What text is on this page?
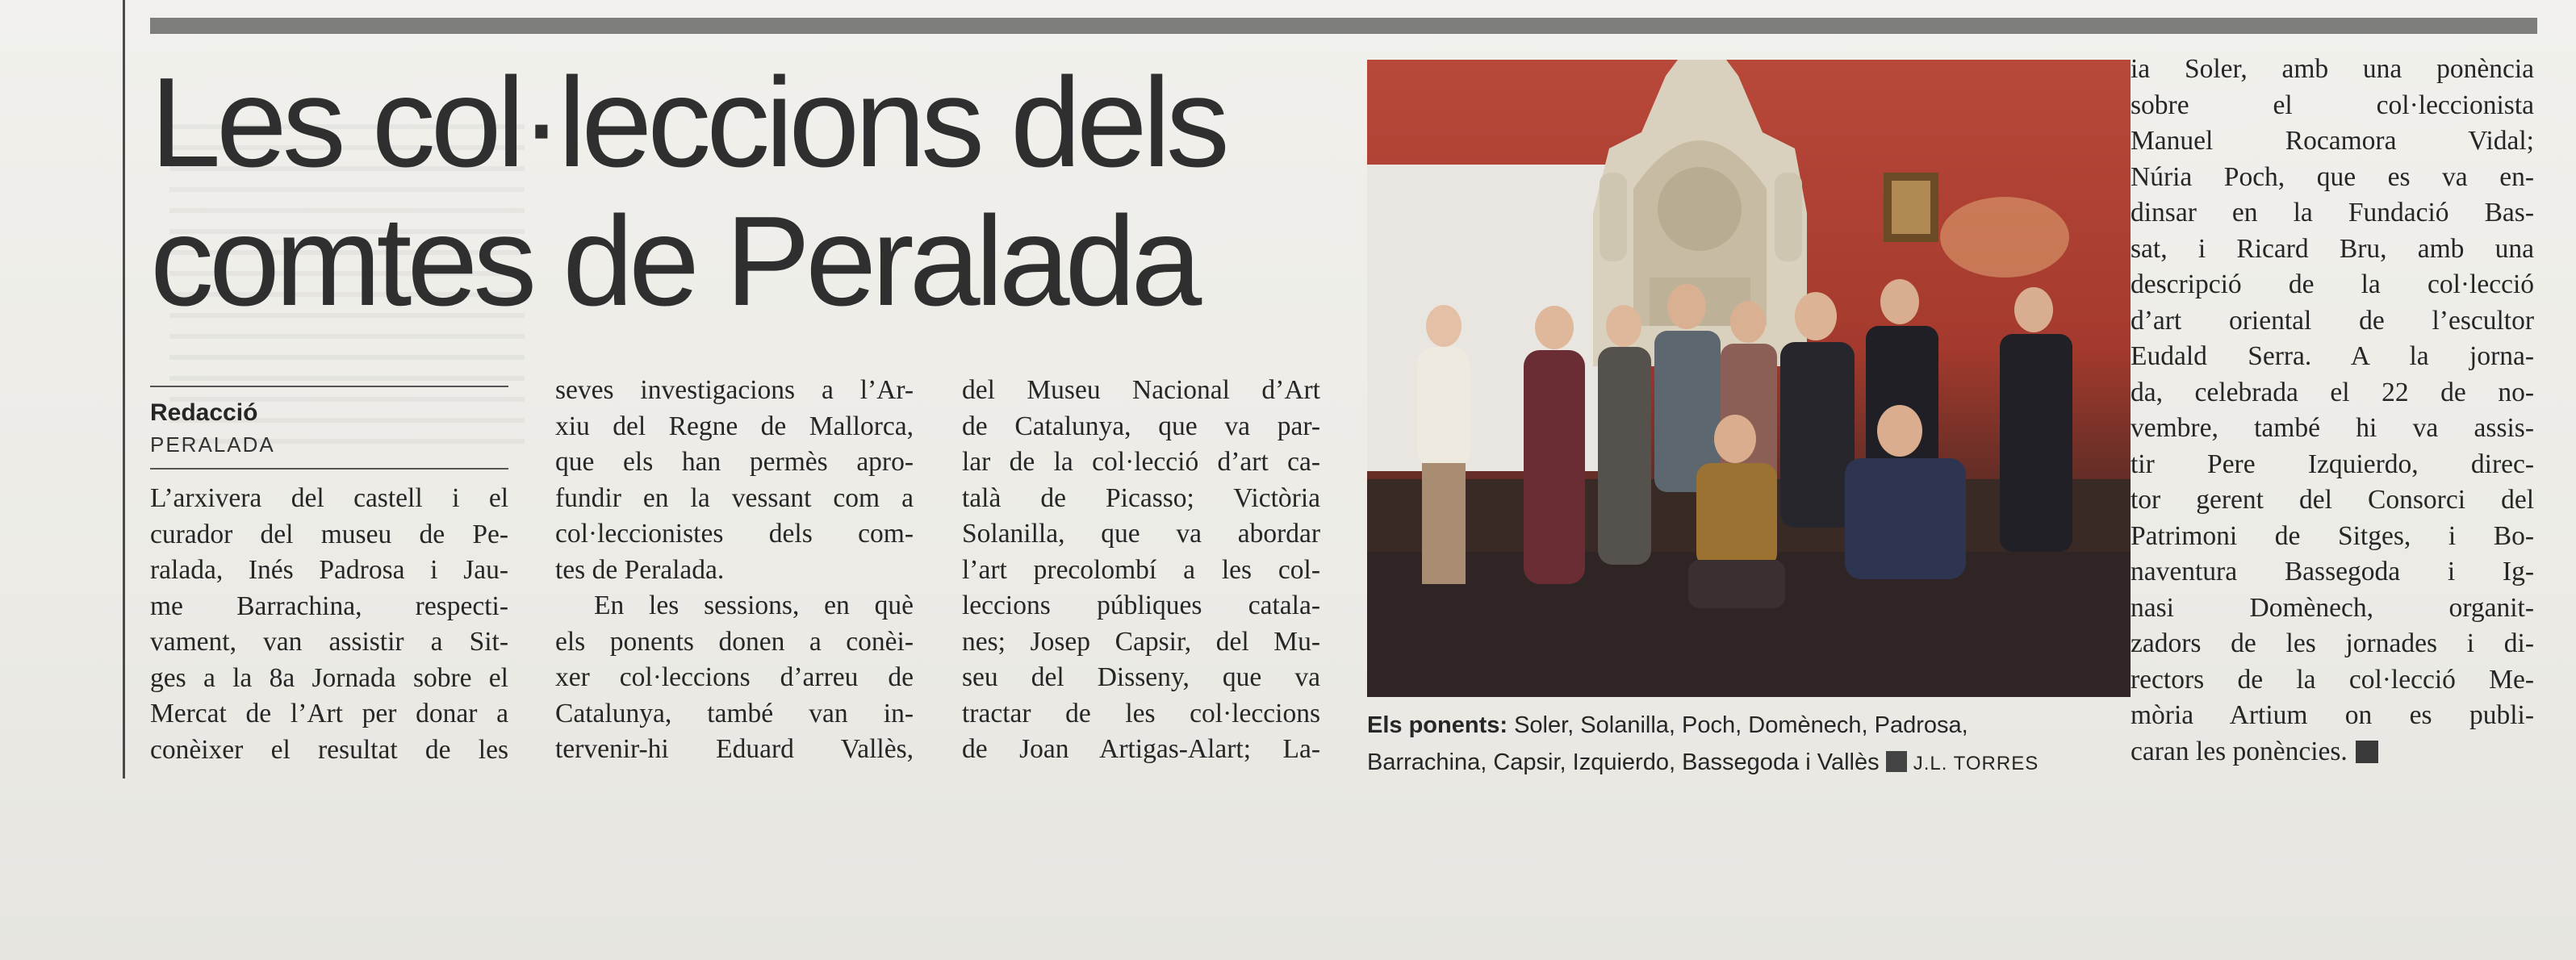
Les col·leccions dels comtes de Peralada
Redacció
PERALADA

L’arxivera del castell i el

curador del museu de Pe-

ralada, Inés Padrosa i Jau-

me Barrachina, respecti-

vament, van assistir a Sit-

ges a la 8a Jornada sobre el

Mercat de l’Art per donar a

conèixer el resultat de les

seves investigacions a l’Ar-

xiu del Regne de Mallorca,

que els han permès apro-

fundir en la vessant com a

col·leccionistes dels com-

tes de Peralada.

En les sessions, en què

els ponents donen a conèi-

xer col·leccions d’arreu de

Catalunya, també van in-

tervenir-hi Eduard Vallès,

del Museu Nacional d’Art

de Catalunya, que va par-

lar de la col·lecció d’art ca-

talà de Picasso; Victòria

Solanilla, que va abordar

l’art precolombí a les col-

leccions públiques catala-

nes; Josep Capsir, del Mu-

seu del Disseny, que va

tractar de les col·leccions

de Joan Artigas-Alart; La-

Els ponents: Soler, Solanilla, Poch, Domènech, Padrosa,
Barrachina, Capsir, Izquierdo, Bassegoda i Vallès J.L. TORRES

ia Soler, amb una ponència

sobre el col·leccionista

Manuel Rocamora Vidal;

Núria Poch, que es va en-

dinsar en la Fundació Bas-

sat, i Ricard Bru, amb una

descripció de la col·lecció

d’art oriental de l’escultor

Eudald Serra. A la jorna-

da, celebrada el 22 de no-

vembre, també hi va assis-

tir Pere Izquierdo, direc-

tor gerent del Consorci del

Patrimoni de Sitges, i Bo-

naventura Bassegoda i Ig-

nasi Domènech, organit-

zadors de les jornades i di-

rectors de la col·lecció Me-

mòria Artium on es publi-

caran les ponències.
